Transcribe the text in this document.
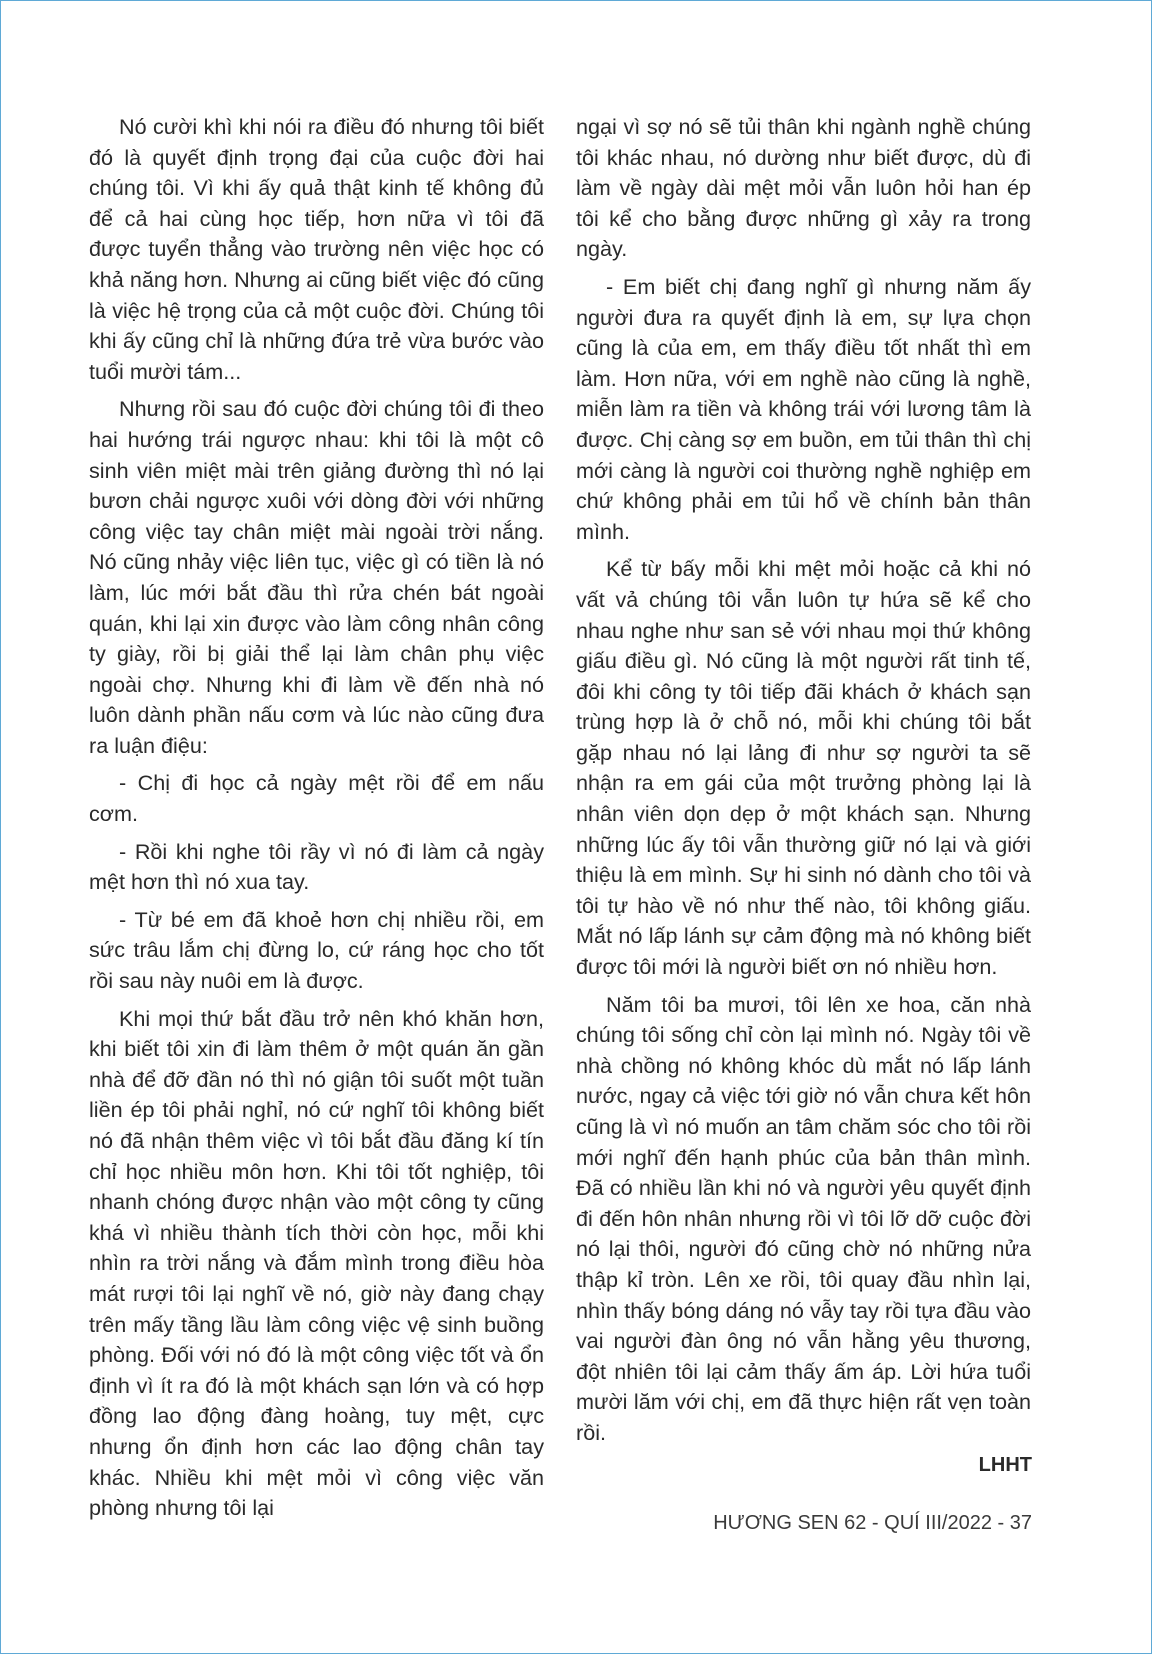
Nó cười khì khi nói ra điều đó nhưng tôi biết đó là quyết định trọng đại của cuộc đời hai chúng tôi. Vì khi ấy quả thật kinh tế không đủ để cả hai cùng học tiếp, hơn nữa vì tôi đã được tuyển thẳng vào trường nên việc học có khả năng hơn. Nhưng ai cũng biết việc đó cũng là việc hệ trọng của cả một cuộc đời. Chúng tôi khi ấy cũng chỉ là những đứa trẻ vừa bước vào tuổi mười tám...

Nhưng rồi sau đó cuộc đời chúng tôi đi theo hai hướng trái ngược nhau: khi tôi là một cô sinh viên miệt mài trên giảng đường thì nó lại bươn chải ngược xuôi với dòng đời với những công việc tay chân miệt mài ngoài trời nắng. Nó cũng nhảy việc liên tục, việc gì có tiền là nó làm, lúc mới bắt đầu thì rửa chén bát ngoài quán, khi lại xin được vào làm công nhân công ty giày, rồi bị giải thể lại làm chân phụ việc ngoài chợ. Nhưng khi đi làm về đến nhà nó luôn dành phần nấu cơm và lúc nào cũng đưa ra luận điệu:

- Chị đi học cả ngày mệt rồi để em nấu cơm.

- Rồi khi nghe tôi rầy vì nó đi làm cả ngày mệt hơn thì nó xua tay.

- Từ bé em đã khoẻ hơn chị nhiều rồi, em sức trâu lắm chị đừng lo, cứ ráng học cho tốt rồi sau này nuôi em là được.

Khi mọi thứ bắt đầu trở nên khó khăn hơn, khi biết tôi xin đi làm thêm ở một quán ăn gần nhà để đỡ đần nó thì nó giận tôi suốt một tuần liền ép tôi phải nghỉ, nó cứ nghĩ tôi không biết nó đã nhận thêm việc vì tôi bắt đầu đăng kí tín chỉ học nhiều môn hơn. Khi tôi tốt nghiệp, tôi nhanh chóng được nhận vào một công ty cũng khá vì nhiều thành tích thời còn học, mỗi khi nhìn ra trời nắng và đắm mình trong điều hòa mát rượi tôi lại nghĩ về nó, giờ này đang chạy trên mấy tầng lầu làm công việc vệ sinh buồng phòng. Đối với nó đó là một công việc tốt và ổn định vì ít ra đó là một khách sạn lớn và có hợp đồng lao động đàng hoàng, tuy mệt, cực nhưng ổn định hơn các lao động chân tay khác. Nhiều khi mệt mỏi vì công việc văn phòng nhưng tôi lại

ngại vì sợ nó sẽ tủi thân khi ngành nghề chúng tôi khác nhau, nó dường như biết được, dù đi làm về ngày dài mệt mỏi vẫn luôn hỏi han ép tôi kể cho bằng được những gì xảy ra trong ngày.

- Em biết chị đang nghĩ gì nhưng năm ấy người đưa ra quyết định là em, sự lựa chọn cũng là của em, em thấy điều tốt nhất thì em làm. Hơn nữa, với em nghề nào cũng là nghề, miễn làm ra tiền và không trái với lương tâm là được. Chị càng sợ em buồn, em tủi thân thì chị mới càng là người coi thường nghề nghiệp em chứ không phải em tủi hổ về chính bản thân mình.

Kể từ bấy mỗi khi mệt mỏi hoặc cả khi nó vất vả chúng tôi vẫn luôn tự hứa sẽ kể cho nhau nghe như san sẻ với nhau mọi thứ không giấu điều gì. Nó cũng là một người rất tinh tế, đôi khi công ty tôi tiếp đãi khách ở khách sạn trùng hợp là ở chỗ nó, mỗi khi chúng tôi bắt gặp nhau nó lại lảng đi như sợ người ta sẽ nhận ra em gái của một trưởng phòng lại là nhân viên dọn dẹp ở một khách sạn. Nhưng những lúc ấy tôi vẫn thường giữ nó lại và giới thiệu là em mình. Sự hi sinh nó dành cho tôi và tôi tự hào về nó như thế nào, tôi không giấu. Mắt nó lấp lánh sự cảm động mà nó không biết được tôi mới là người biết ơn nó nhiều hơn.

Năm tôi ba mươi, tôi lên xe hoa, căn nhà chúng tôi sống chỉ còn lại mình nó. Ngày tôi về nhà chồng nó không khóc dù mắt nó lấp lánh nước, ngay cả việc tới giờ nó vẫn chưa kết hôn cũng là vì nó muốn an tâm chăm sóc cho tôi rồi mới nghĩ đến hạnh phúc của bản thân mình. Đã có nhiều lần khi nó và người yêu quyết định đi đến hôn nhân nhưng rồi vì tôi lỡ dỡ cuộc đời nó lại thôi, người đó cũng chờ nó những nửa thập kỉ tròn. Lên xe rồi, tôi quay đầu nhìn lại, nhìn thấy bóng dáng nó vẫy tay rồi tựa đầu vào vai người đàn ông nó vẫn hằng yêu thương, đột nhiên tôi lại cảm thấy ấm áp. Lời hứa tuổi mười lăm với chị, em đã thực hiện rất vẹn toàn rồi.

LHHT
HƯƠNG SEN 62 - QUÍ III/2022 - 37
